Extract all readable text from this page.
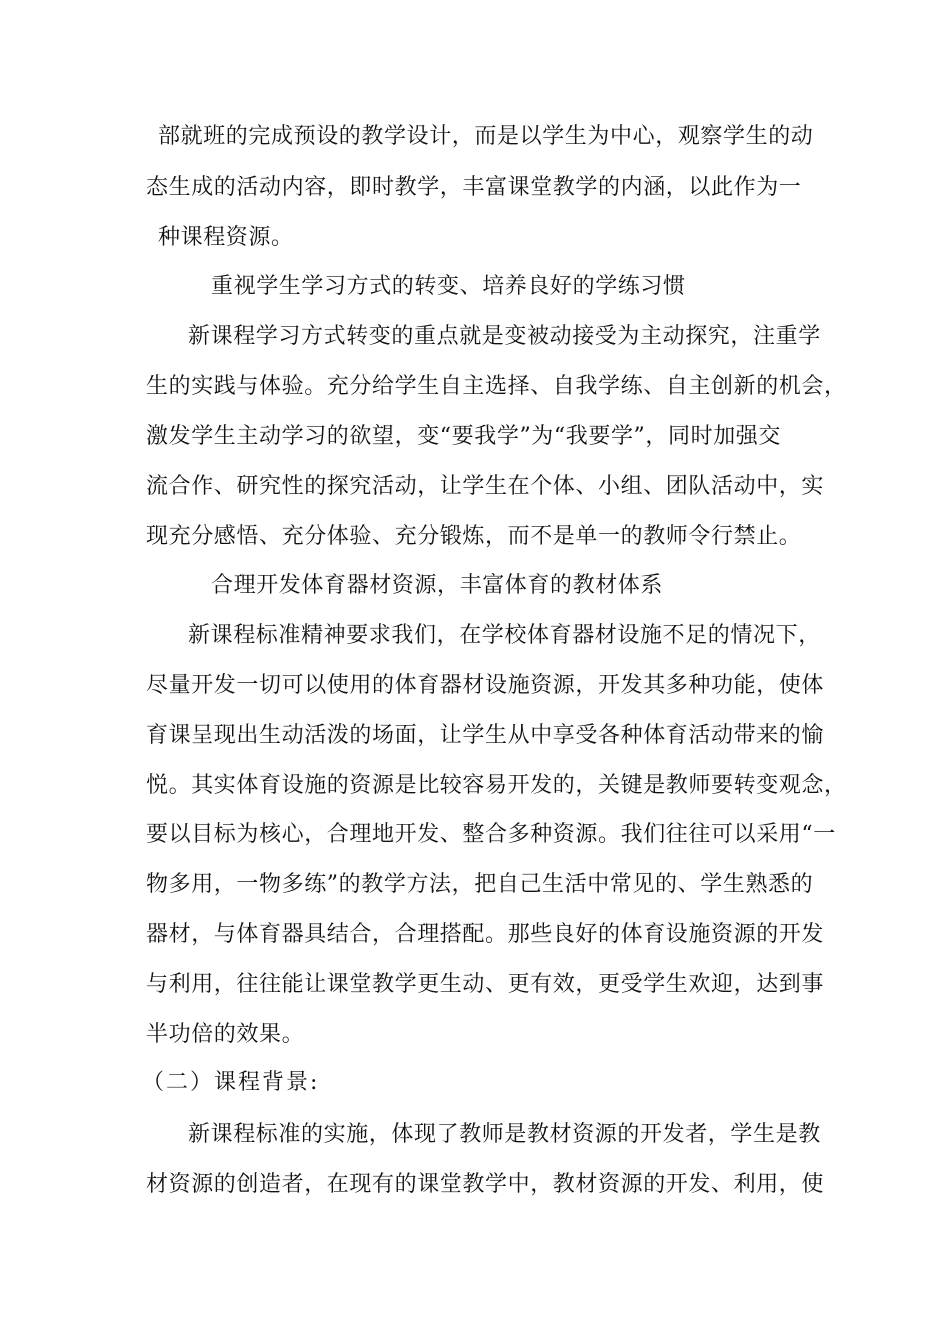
部就班的完成预设的教学设计，而是以学生为中心，观察学生的动
态生成的活动内容，即时教学，丰富课堂教学的内涵，以此作为一
种课程资源。
重视学生学习方式的转变、培养良好的学练习惯
新课程学习方式转变的重点就是变被动接受为主动探究，注重学
生的实践与体验。充分给学生自主选择、自我学练、自主创新的机会，
激发学生主动学习的欲望，变“要我学”为“我要学”，同时加强交
流合作、研究性的探究活动，让学生在个体、小组、团队活动中，实
现充分感悟、充分体验、充分锻炼，而不是单一的教师令行禁止。
合理开发体育器材资源，丰富体育的教材体系
新课程标准精神要求我们，在学校体育器材设施不足的情况下，
尽量开发一切可以使用的体育器材设施资源，开发其多种功能，使体
育课呈现出生动活泼的场面，让学生从中享受各种体育活动带来的愉
悦。其实体育设施的资源是比较容易开发的，关键是教师要转变观念，
要以目标为核心，合理地开发、整合多种资源。我们往往可以采用“一
物多用，一物多练”的教学方法，把自己生活中常见的、学生熟悉的
器材，与体育器具结合，合理搭配。那些良好的体育设施资源的开发
与利用，往往能让课堂教学更生动、更有效，更受学生欢迎，达到事
半功倍的效果。
（二）课程背景:
新课程标准的实施，体现了教师是教材资源的开发者，学生是教
材资源的创造者，在现有的课堂教学中，教材资源的开发、利用，使
